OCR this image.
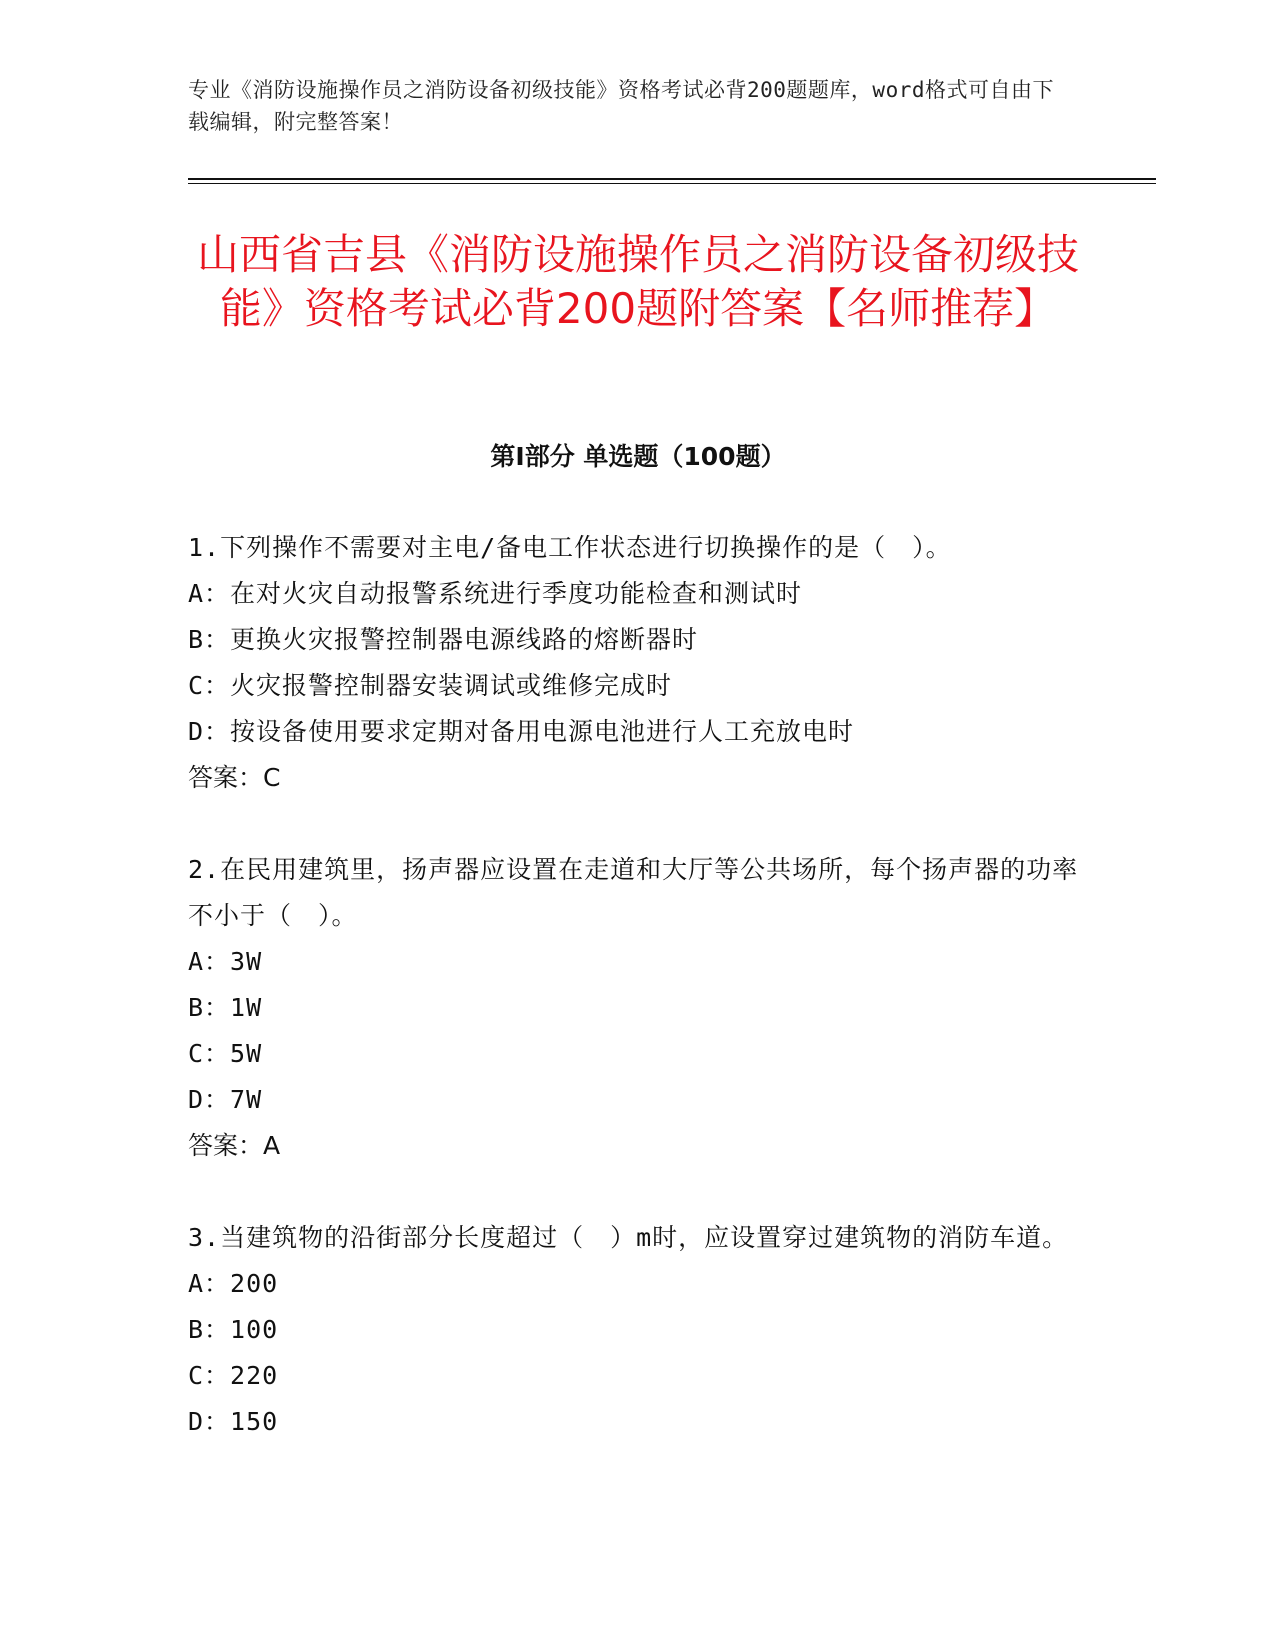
专业《消防设施操作员之消防设备初级技能》资格考试必背200题题库，word格式可自由下载编辑，附完整答案！
山西省吉县《消防设施操作员之消防设备初级技能》资格考试必背200题附答案【名师推荐】
第I部分 单选题（100题）

1.下列操作不需要对主电/备电工作状态进行切换操作的是（　）。

A：在对火灾自动报警系统进行季度功能检查和测试时

B：更换火灾报警控制器电源线路的熔断器时

C：火灾报警控制器安装调试或维修完成时

D：按设备使用要求定期对备用电源电池进行人工充放电时

答案：C

2.在民用建筑里，扬声器应设置在走道和大厅等公共场所，每个扬声器的功率不小于（　）。

A：3W

B：1W

C：5W

D：7W

答案：A

3.当建筑物的沿街部分长度超过（　）m时，应设置穿过建筑物的消防车道。

A：200

B：100

C：220

D：150
